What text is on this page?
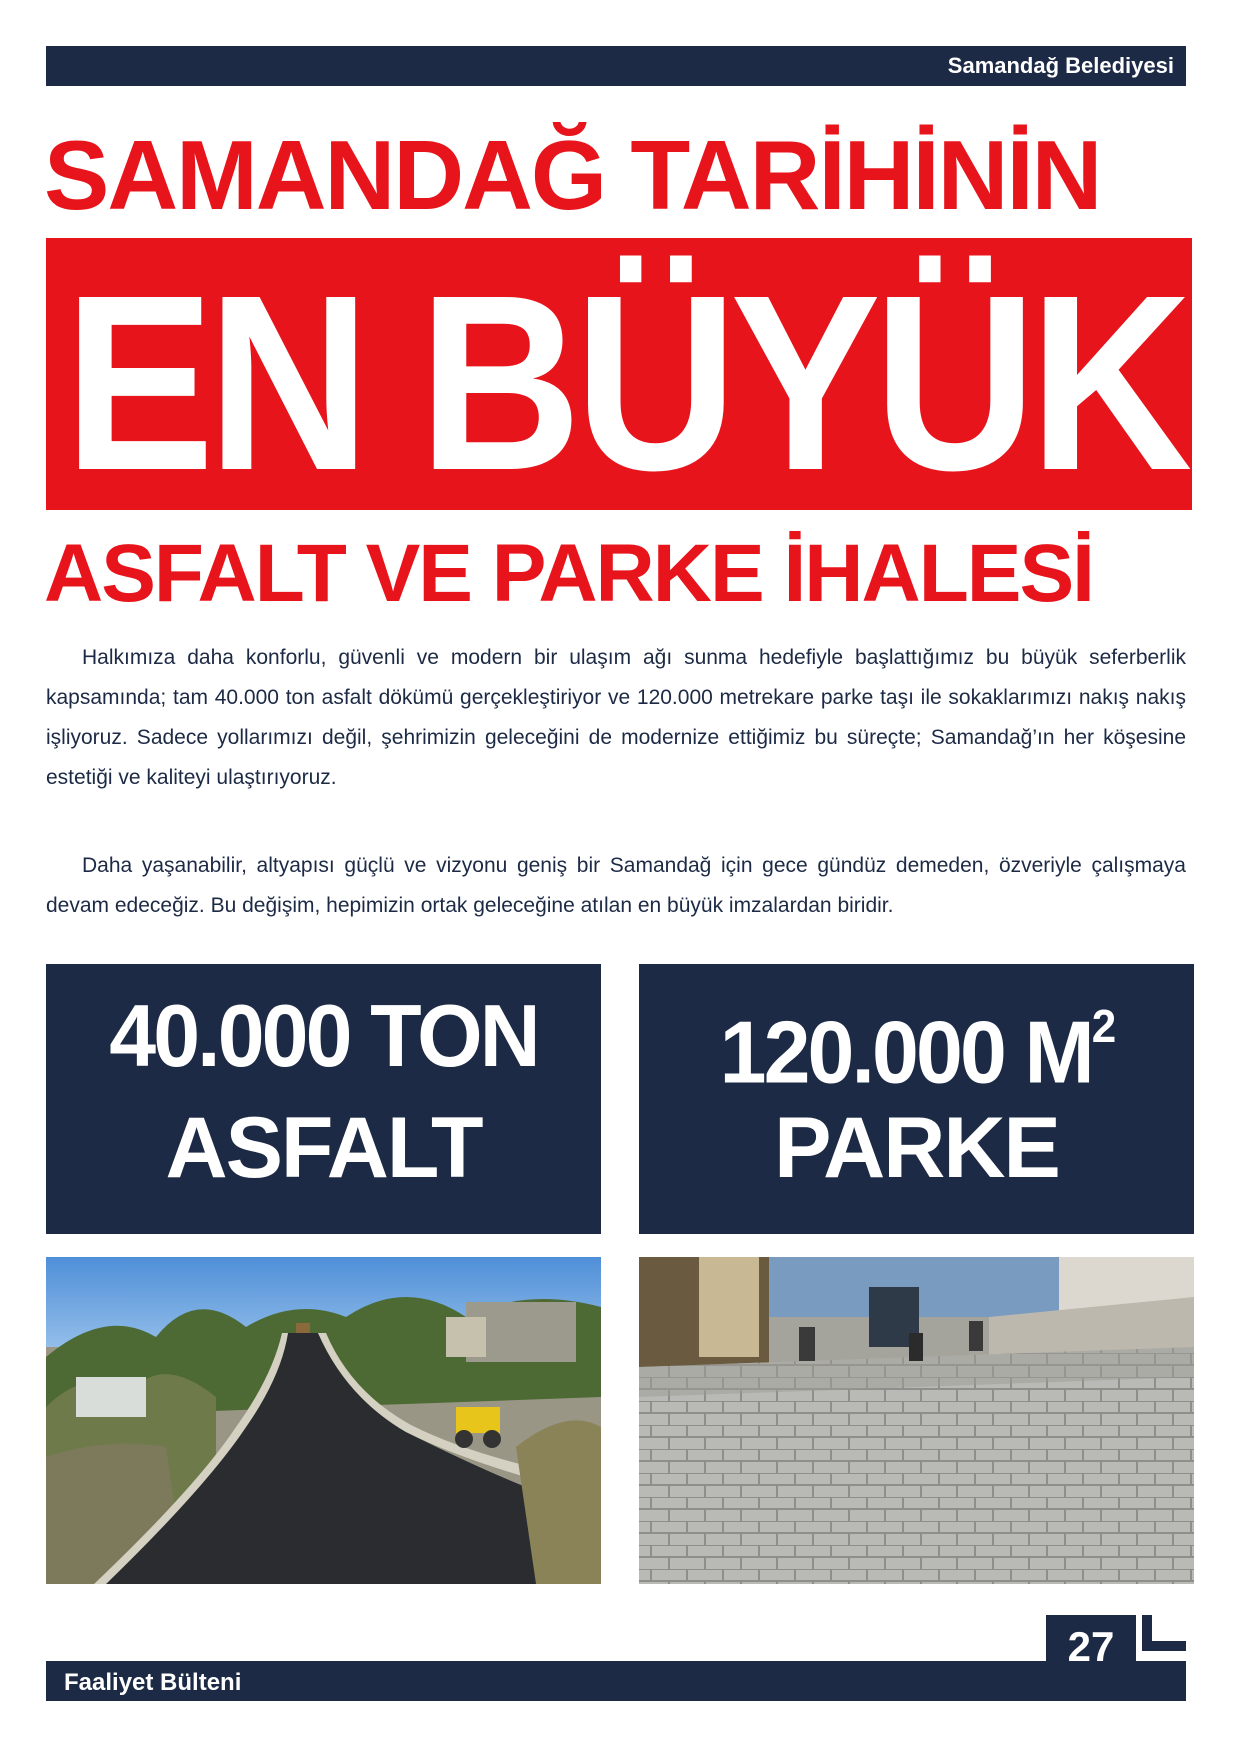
Samandağ Belediyesi
SAMANDAĞ TARİHİNİN
EN BÜYÜK
ASFALT VE PARKE İHALESİ

Halkımıza daha konforlu, güvenli ve modern bir ulaşım ağı sunma hedefiyle başlattığımız bu büyük seferberlik kapsamında; tam 40.000 ton asfalt dökümü gerçekleştiriyor ve 120.000 metrekare parke taşı ile sokaklarımızı nakış nakış işliyoruz. Sadece yollarımızı değil, şehrimizin geleceğini de modernize ettiğimiz bu süreçte; Samandağ’ın her köşesine estetiği ve kaliteyi ulaştırıyoruz.

Daha yaşanabilir, altyapısı güçlü ve vizyonu geniş bir Samandağ için gece gündüz demeden, özveriyle çalışmaya devam edeceğiz. Bu değişim, hepimizin ortak geleceğine atılan en büyük imzalardan biridir.

40.000 TON
ASFALT
120.000 $M^2$
PARKE
Faaliyet Bülteni
27
